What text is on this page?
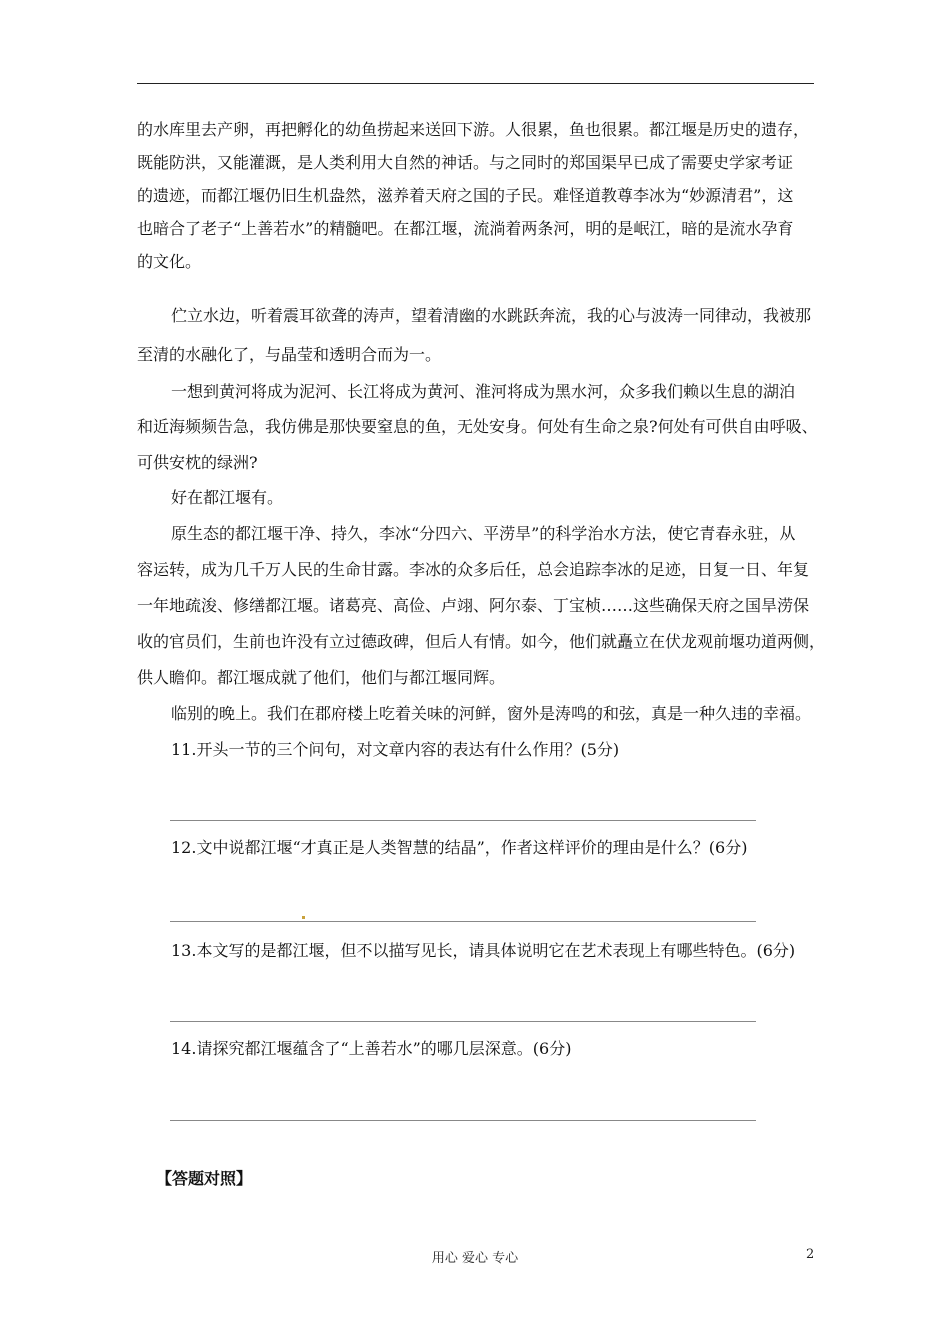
的水库里去产卵，再把孵化的幼鱼捞起来送回下游。人很累，鱼也很累。都江堰是历史的遗存，
既能防洪，又能灌溉，是人类利用大自然的神话。与之同时的郑国渠早已成了需要史学家考证
的遗迹，而都江堰仍旧生机盎然，滋养着天府之国的子民。难怪道教尊李冰为“妙源清君”，这
也暗合了老子“上善若水”的精髓吧。在都江堰，流淌着两条河，明的是岷江，暗的是流水孕育
的文化。
伫立水边，听着震耳欲聋的涛声，望着清幽的水跳跃奔流，我的心与波涛一同律动，我被那
至清的水融化了，与晶莹和透明合而为一。
一想到黄河将成为泥河、长江将成为黄河、淮河将成为黑水河，众多我们赖以生息的湖泊
和近海频频告急，我仿佛是那快要窒息的鱼，无处安身。何处有生命之泉?何处有可供自由呼吸、
可供安枕的绿洲?
好在都江堰有。
原生态的都江堰干净、持久，李冰“分四六、平涝旱”的科学治水方法，使它青春永驻，从
容运转，成为几千万人民的生命甘露。李冰的众多后任，总会追踪李冰的足迹，日复一日、年复
一年地疏浚、修缮都江堰。诸葛亮、高俭、卢翊、阿尔泰、丁宝桢……这些确保天府之国旱涝保
收的官员们，生前也许没有立过德政碑，但后人有情。如今，他们就矗立在伏龙观前堰功道两侧，
供人瞻仰。都江堰成就了他们，他们与都江堰同辉。
临别的晚上。我们在郡府楼上吃着关味的河鲜，窗外是涛鸣的和弦，真是一种久违的幸福。
11.开头一节的三个问句，对文章内容的表达有什么作用？(5分)
12.文中说都江堰“才真正是人类智慧的结晶”，作者这样评价的理由是什么？(6分)
13.本文写的是都江堰，但不以描写见长，请具体说明它在艺术表现上有哪些特色。(6分)
14.请探究都江堰蕴含了“上善若水”的哪几层深意。(6分)
【答题对照】
用心 爱心 专心	2
